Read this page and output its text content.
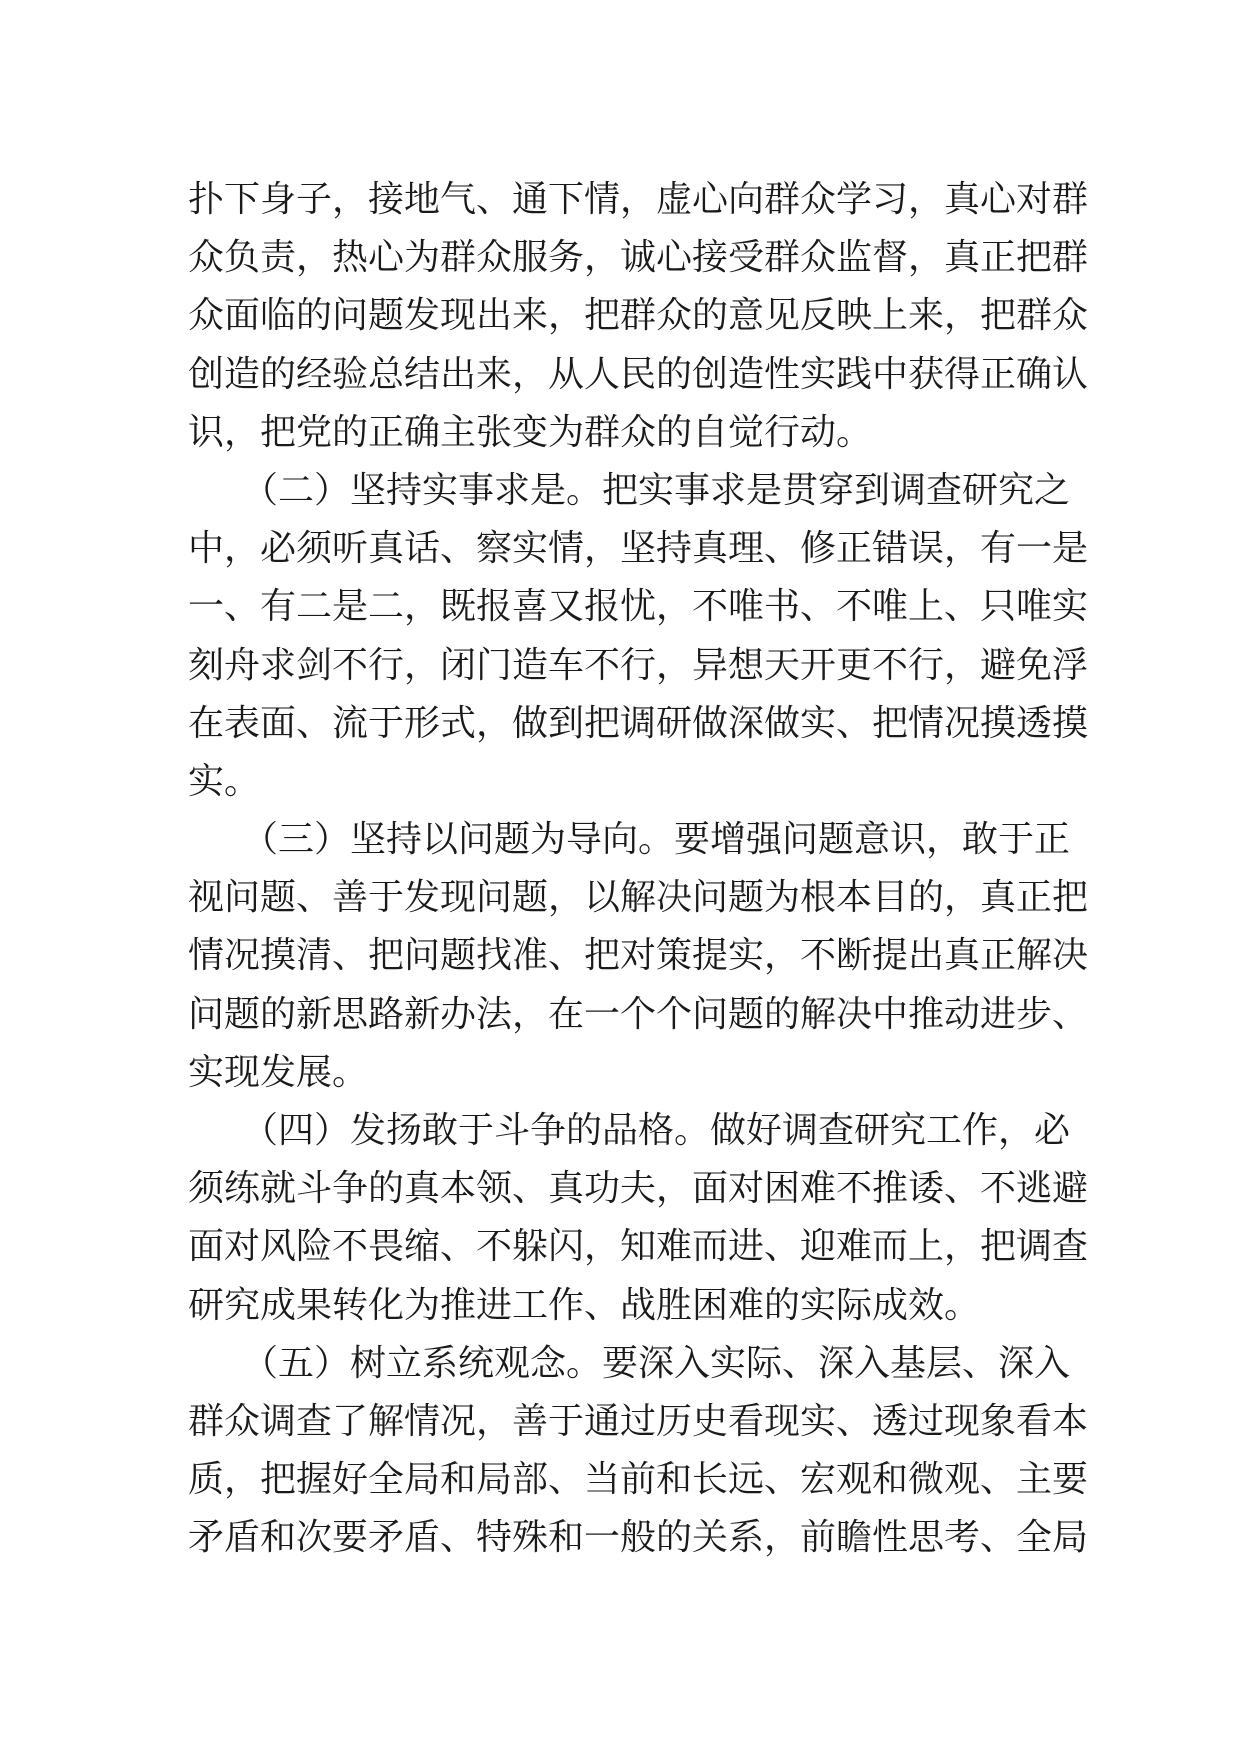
扑下身子，接地气、通下情，虚心向群众学习，真心对群
众负责，热心为群众服务，诚心接受群众监督，真正把群
众面临的问题发现出来，把群众的意见反映上来，把群众
创造的经验总结出来，从人民的创造性实践中获得正确认
识，把党的正确主张变为群众的自觉行动。
　　（二）坚持实事求是。把实事求是贯穿到调查研究之
中，必须听真话、察实情，坚持真理、修正错误，有一是
一、有二是二，既报喜又报忧，不唯书、不唯上、只唯实
刻舟求剑不行，闭门造车不行，异想天开更不行，避免浮
在表面、流于形式，做到把调研做深做实、把情况摸透摸
实。
　　（三）坚持以问题为导向。要增强问题意识，敢于正
视问题、善于发现问题，以解决问题为根本目的，真正把
情况摸清、把问题找准、把对策提实，不断提出真正解决
问题的新思路新办法，在一个个问题的解决中推动进步、
实现发展。
　　（四）发扬敢于斗争的品格。做好调查研究工作，必
须练就斗争的真本领、真功夫，面对困难不推诿、不逃避
面对风险不畏缩、不躲闪，知难而进、迎难而上，把调查
研究成果转化为推进工作、战胜困难的实际成效。
　　（五）树立系统观念。要深入实际、深入基层、深入
群众调查了解情况，善于通过历史看现实、透过现象看本
质，把握好全局和局部、当前和长远、宏观和微观、主要
矛盾和次要矛盾、特殊和一般的关系，前瞻性思考、全局
